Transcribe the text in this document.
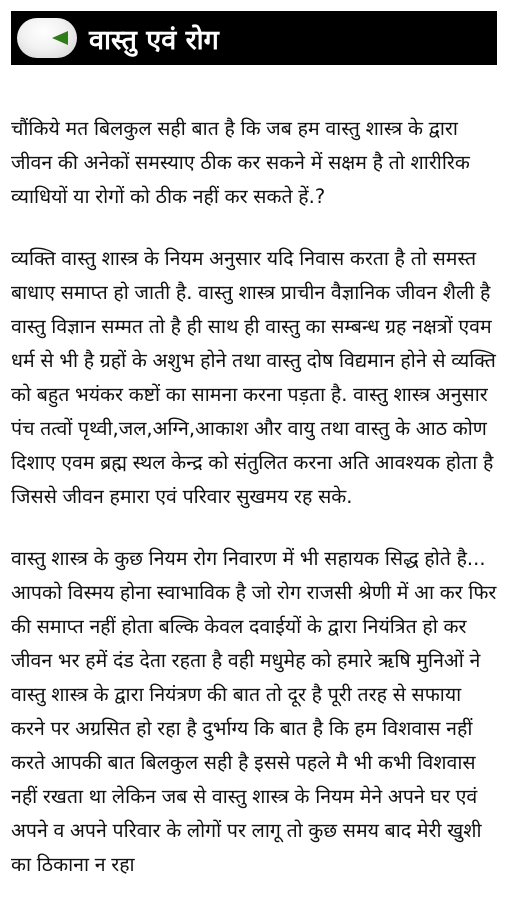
वास्तु एवं रोग

चौंकिये मत बिलकुल सही बात है कि जब हम वास्तु शास्त्र के द्वारा जीवन की अनेकों समस्याए ठीक कर सकने में सक्षम है तो शारीरिक व्याधियों या रोगों को ठीक नहीं कर सकते हें.?

व्यक्ति वास्तु शास्त्र के नियम अनुसार यदि निवास करता है तो समस्त बाधाए समाप्त हो जाती है. वास्तु शास्त्र प्राचीन वैज्ञानिक जीवन शैली है वास्तु विज्ञान सम्मत तो है ही साथ ही वास्तु का सम्बन्ध ग्रह नक्षत्रों एवम धर्म से भी है ग्रहों के अशुभ होने तथा वास्तु दोष विद्यमान होने से व्यक्ति को बहुत भयंकर कष्टों का सामना करना पड़ता है. वास्तु शास्त्र अनुसार पंच तत्वों पृथ्वी,जल,अग्नि,आकाश और वायु तथा वास्तु के आठ कोण दिशाए एवम ब्रह्म स्थल केन्द्र को संतुलित करना अति आवश्यक होता है जिससे जीवन हमारा एवं परिवार सुखमय रह सके.

वास्तु शास्त्र के कुछ नियम रोग निवारण में भी सहायक सिद्ध होते है... आपको विस्मय होना स्वाभाविक है जो रोग राजसी श्रेणी में आ कर फिर की समाप्त नहीं होता बल्कि केवल दवाईयों के द्वारा नियंत्रित हो कर जीवन भर हमें दंड देता रहता है वही मधुमेह को हमारे ऋषि मुनिओं ने वास्तु शास्त्र के द्वारा नियंत्रण की बात तो दूर है पूरी तरह से सफाया करने पर अग्रसित हो रहा है दुर्भाग्य कि बात है कि हम विशवास नहीं करते आपकी बात बिलकुल सही है इससे पहले मै भी कभी विशवास नहीं रखता था लेकिन जब से वास्तु शास्त्र के नियम मेने अपने घर एवं अपने व अपने परिवार के लोगों पर लागू तो कुछ समय बाद मेरी खुशी का ठिकाना न रहा
